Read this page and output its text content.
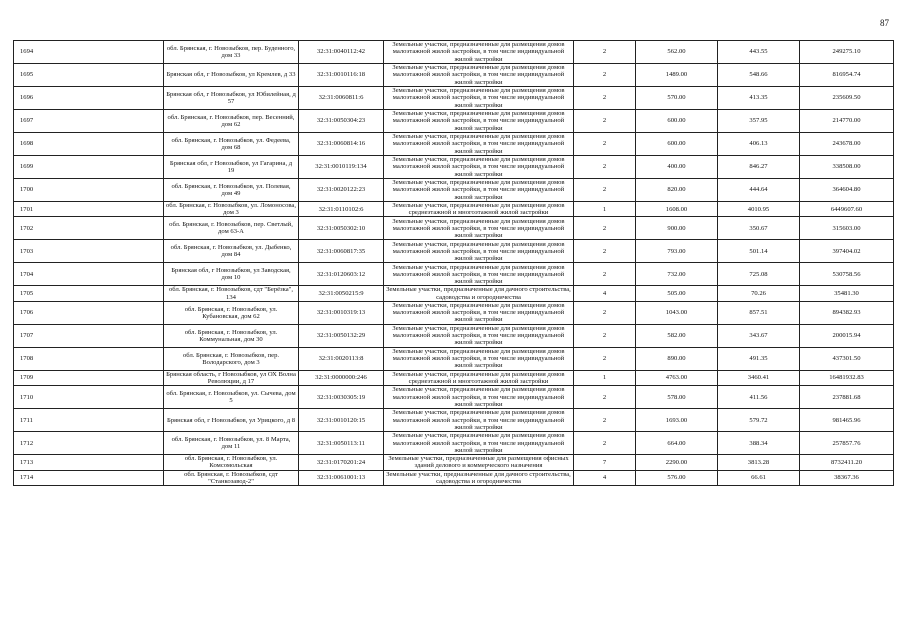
87
1694	обл. Брянская, г. Новозыбков, пер. Буденного, дом 33	32:31:0040112:42	Земельные участки, предназначенные для размещения домов малоэтажной жилой застройки, в том числе индивидуальной жилой застройки	2	562.00	443.55	249275.10
1695	Брянская обл, г Новозыбков, ул Кремлев, д 33	32:31:0010116:18	Земельные участки, предназначенные для размещения домов малоэтажной жилой застройки, в том числе индивидуальной жилой застройки	2	1489.00	548.66	816954.74
1696	Брянская обл, г Новозыбков, ул Юбилейная, д 57	32:31:0060811:6	Земельные участки, предназначенные для размещения домов малоэтажной жилой застройки, в том числе индивидуальной жилой застройки	2	570.00	413.35	235609.50
1697	обл. Брянская, г. Новозыбков, пер. Весенний, дом 62	32:31:0050304:23	Земельные участки, предназначенные для размещения домов малоэтажной жилой застройки, в том числе индивидуальной жилой застройки	2	600.00	357.95	214770.00
1698	обл. Брянская, г. Новозыбков, ул. Федеева, дом 68	32:31:0060814:16	Земельные участки, предназначенные для размещения домов малоэтажной жилой застройки, в том числе индивидуальной жилой застройки	2	600.00	406.13	243678.00
1699	Брянская обл, г Новозыбков, ул Гагарина, д 19	32:31:0010119:134	Земельные участки, предназначенные для размещения домов малоэтажной жилой застройки, в том числе индивидуальной жилой застройки	2	400.00	846.27	338508.00
1700	обл. Брянская, г. Новозыбков, ул. Полевая, дом 49	32:31:0020122:23	Земельные участки, предназначенные для размещения домов малоэтажной жилой застройки, в том числе индивидуальной жилой застройки	2	820.00	444.64	364604.80
1701	обл. Брянская, г. Новозыбков, ул. Ломоносова, дом 3	32:31:0110102:6	Земельные участки, предназначенные для размещения домов среднеэтажной и многоэтажной жилой застройки	1	1608.00	4010.95	6449607.60
1702	обл. Брянская, г. Новозыбков, пер. Светлый, дом 63-А	32:31:0050302:10	Земельные участки, предназначенные для размещения домов малоэтажной жилой застройки, в том числе индивидуальной жилой застройки	2	900.00	350.67	315603.00
1703	обл. Брянская, г. Новозыбков, ул. Дыбенко, дом 84	32:31:0060817:35	Земельные участки, предназначенные для размещения домов малоэтажной жилой застройки, в том числе индивидуальной жилой застройки	2	793.00	501.14	397404.02
1704	Брянская обл, г Новозыбков, ул Заводская, дом 10	32:31:0120603:12	Земельные участки, предназначенные для размещения домов малоэтажной жилой застройки, в том числе индивидуальной жилой застройки	2	732.00	725.08	530758.56
1705	обл. Брянская, г. Новозыбков, сдт "Берёзка", 134	32:31:0050215:9	Земельные участки, предназначенные для дачного строительства, садоводства и огородничества	4	505.00	70.26	35481.30
1706	обл. Брянская, г. Новозыбков, ул. Кубановская, дом 62	32:31:0010319:13	Земельные участки, предназначенные для размещения домов малоэтажной жилой застройки, в том числе индивидуальной жилой застройки	2	1043.00	857.51	894382.93
1707	обл. Брянская, г. Новозыбков, ул. Коммунальная, дом 30	32:31:0050132:29	Земельные участки, предназначенные для размещения домов малоэтажной жилой застройки, в том числе индивидуальной жилой застройки	2	582.00	343.67	200015.94
1708	обл. Брянская, г. Новозыбков, пер. Володарского, дом 3	32:31:0020113:8	Земельные участки, предназначенные для размещения домов малоэтажной жилой застройки, в том числе индивидуальной жилой застройки	2	890.00	491.35	437301.50
1709	Брянская область, г Новозыбков, ул ОХ Волна Революции, д 17	32:31:0000000:246	Земельные участки, предназначенные для размещения домов среднеэтажной и многоэтажной жилой застройки	1	4763.00	3460.41	16481932.83
1710	обл. Брянская, г. Новозыбков, ул. Сычева, дом 5	32:31:0030305:19	Земельные участки, предназначенные для размещения домов малоэтажной жилой застройки, в том числе индивидуальной жилой застройки	2	578.00	411.56	237881.68
1711	Брянская обл, г Новозыбков, ул Урицкого, д 8	32:31:0010120:15	Земельные участки, предназначенные для размещения домов малоэтажной жилой застройки, в том числе индивидуальной жилой застройки	2	1693.00	579.72	981465.96
1712	обл. Брянская, г. Новозыбков, ул. 8 Марта, дом 11	32:31:0050113:11	Земельные участки, предназначенные для размещения домов малоэтажной жилой застройки, в том числе индивидуальной жилой застройки	2	664.00	388.34	257857.76
1713	обл. Брянская, г. Новозыбков, ул. Комсомольская	32:31:0170201:24	Земельные участки, предназначенные для размещения офисных зданий делового и коммерческого назначения	7	2290.00	3813.28	8732411.20
1714	обл. Брянская, г. Новозыбков, сдт "Станкозавод-2"	32:31:0061001:13	Земельные участки, предназначенные для дачного строительства, садоводства и огородничества	4	576.00	66.61	38367.36
